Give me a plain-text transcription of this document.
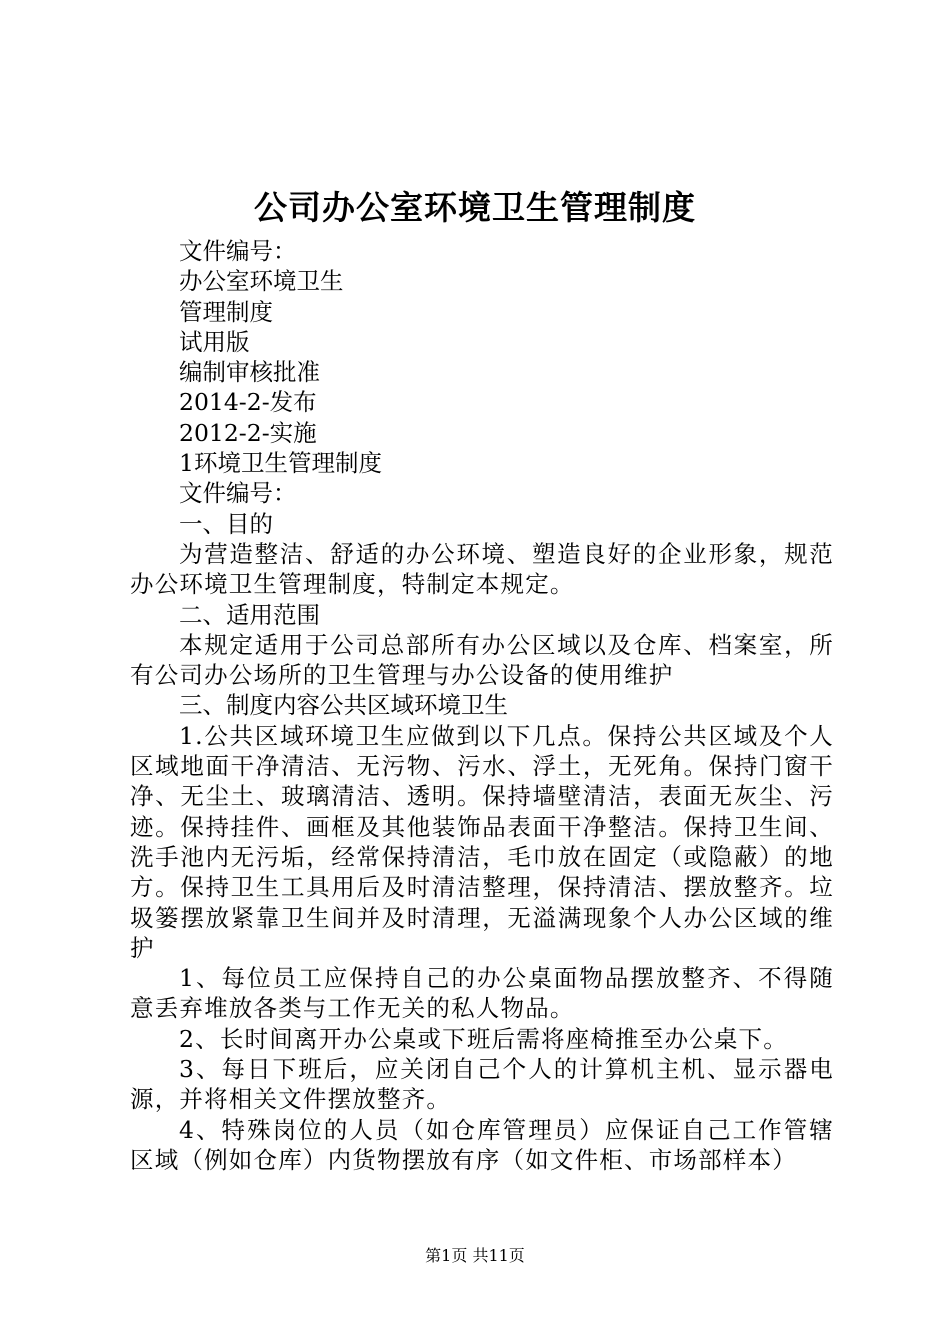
公司办公室环境卫生管理制度
文件编号：
办公室环境卫生
管理制度
试用版
编制审核批准
2014-2-发布
2012-2-实施
1环境卫生管理制度
文件编号：
一、目的
为营造整洁、舒适的办公环境、塑造良好的企业形象，规范办公环境卫生管理制度，特制定本规定。
二、适用范围
本规定适用于公司总部所有办公区域以及仓库、档案室，所有公司办公场所的卫生管理与办公设备的使用维护
三、制度内容公共区域环境卫生
1.公共区域环境卫生应做到以下几点。保持公共区域及个人区域地面干净清洁、无污物、污水、浮土，无死角。保持门窗干净、无尘土、玻璃清洁、透明。保持墙壁清洁，表面无灰尘、污迹。保持挂件、画框及其他装饰品表面干净整洁。保持卫生间、洗手池内无污垢，经常保持清洁，毛巾放在固定（或隐蔽）的地方。保持卫生工具用后及时清洁整理，保持清洁、摆放整齐。垃圾篓摆放紧靠卫生间并及时清理，无溢满现象个人办公区域的维护
1、每位员工应保持自己的办公桌面物品摆放整齐、不得随意丢弃堆放各类与工作无关的私人物品。
2、长时间离开办公桌或下班后需将座椅推至办公桌下。
3、每日下班后，应关闭自己个人的计算机主机、显示器电源，并将相关文件摆放整齐。
4、特殊岗位的人员（如仓库管理员）应保证自己工作管辖区域（例如仓库）内货物摆放有序（如文件柜、市场部样本）
第1页 共11页
